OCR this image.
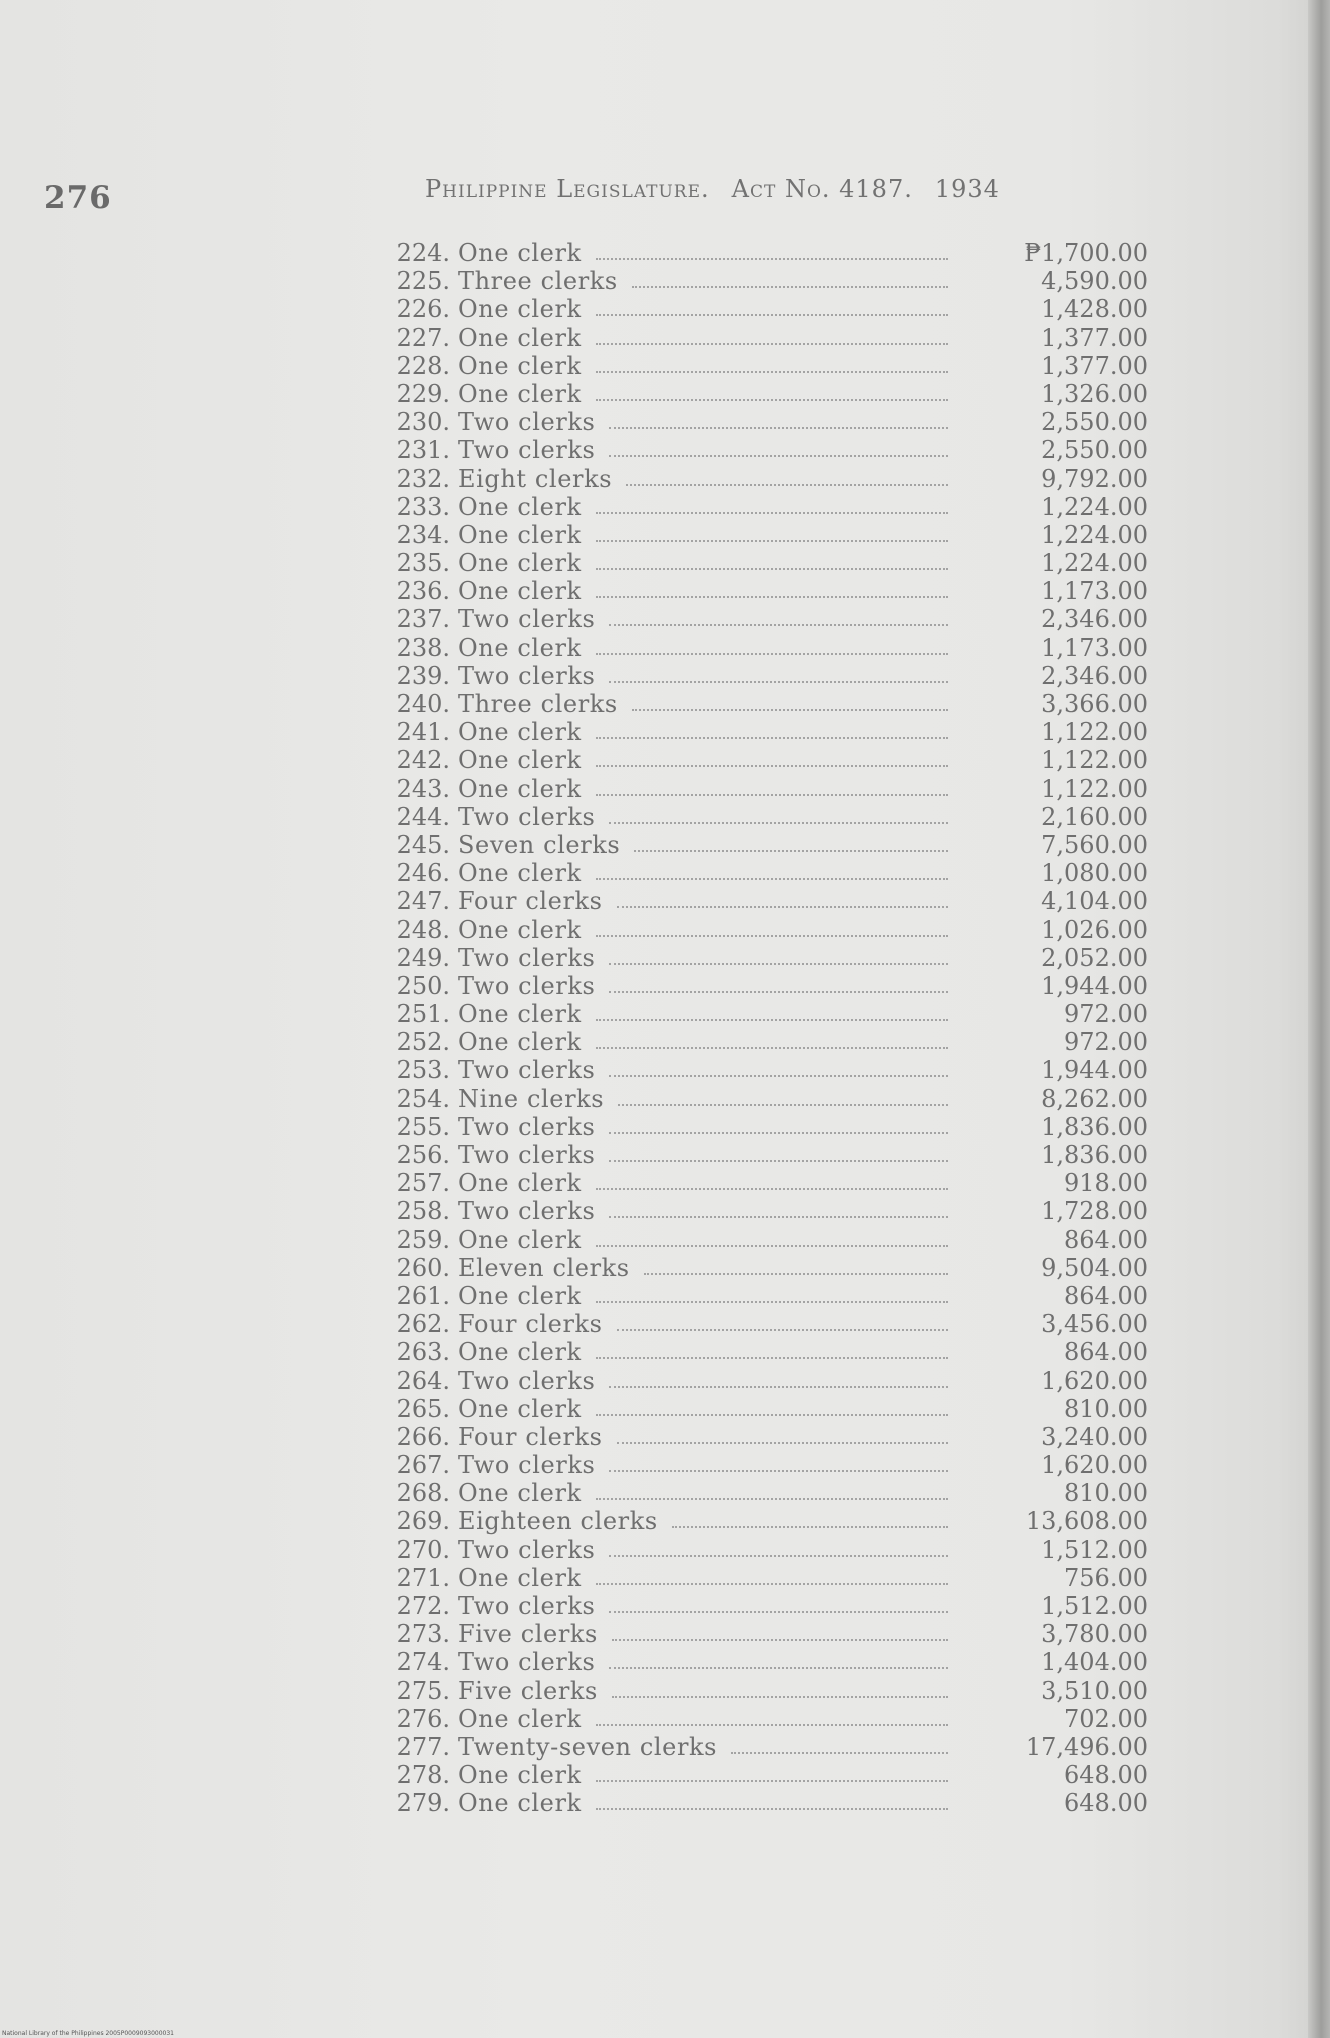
276	Philippine Legislature. Act No. 4187. 1934
224. One clerk	₱1,700.00
225. Three clerks	4,590.00
226. One clerk	1,428.00
227. One clerk	1,377.00
228. One clerk	1,377.00
229. One clerk	1,326.00
230. Two clerks	2,550.00
231. Two clerks	2,550.00
232. Eight clerks	9,792.00
233. One clerk	1,224.00
234. One clerk	1,224.00
235. One clerk	1,224.00
236. One clerk	1,173.00
237. Two clerks	2,346.00
238. One clerk	1,173.00
239. Two clerks	2,346.00
240. Three clerks	3,366.00
241. One clerk	1,122.00
242. One clerk	1,122.00
243. One clerk	1,122.00
244. Two clerks	2,160.00
245. Seven clerks	7,560.00
246. One clerk	1,080.00
247. Four clerks	4,104.00
248. One clerk	1,026.00
249. Two clerks	2,052.00
250. Two clerks	1,944.00
251. One clerk	972.00
252. One clerk	972.00
253. Two clerks	1,944.00
254. Nine clerks	8,262.00
255. Two clerks	1,836.00
256. Two clerks	1,836.00
257. One clerk	918.00
258. Two clerks	1,728.00
259. One clerk	864.00
260. Eleven clerks	9,504.00
261. One clerk	864.00
262. Four clerks	3,456.00
263. One clerk	864.00
264. Two clerks	1,620.00
265. One clerk	810.00
266. Four clerks	3,240.00
267. Two clerks	1,620.00
268. One clerk	810.00
269. Eighteen clerks	13,608.00
270. Two clerks	1,512.00
271. One clerk	756.00
272. Two clerks	1,512.00
273. Five clerks	3,780.00
274. Two clerks	1,404.00
275. Five clerks	3,510.00
276. One clerk	702.00
277. Twenty-seven clerks	17,496.00
278. One clerk	648.00
279. One clerk	648.00
National Library of the Philippines 2005P0009093000031
